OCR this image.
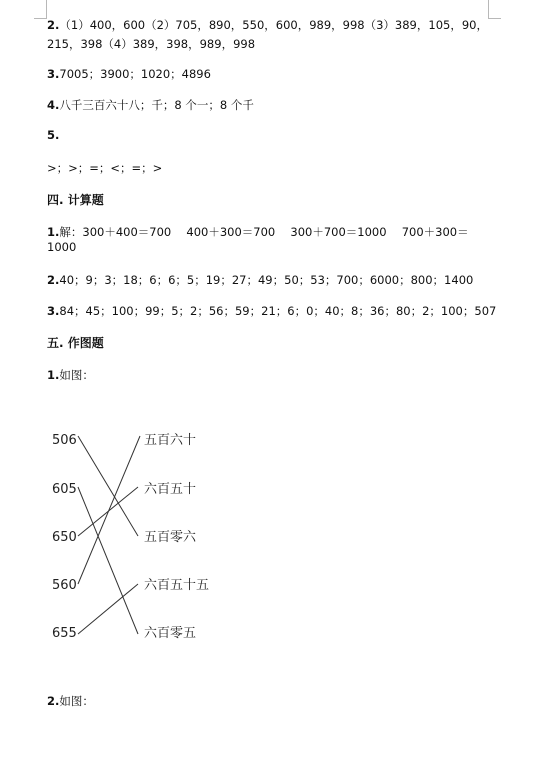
2.（1）400，600（2）705，890，550，600，989，998（3）389，105，90，
215，398（4）389，398，989，998
3.7005；3900；1020；4896
4.八千三百六十八；千；8 个一；8 个千
5.
>；>；=；<；=；>
四. 计算题
1.解：300＋400＝700　 400＋300＝700　 300＋700＝1000　 700＋300＝
1000
2.40；9；3；18；6；6；5；19；27；49；50；53；700；6000；800；1400
3.84；45；100；99；5；2；56；59；21；6；0；40；8；36；80；2；100；507
五. 作图题
1.如图：
506
605
650
560
655
五百六十
六百五十
五百零六
六百五十五
六百零五
2.如图：
